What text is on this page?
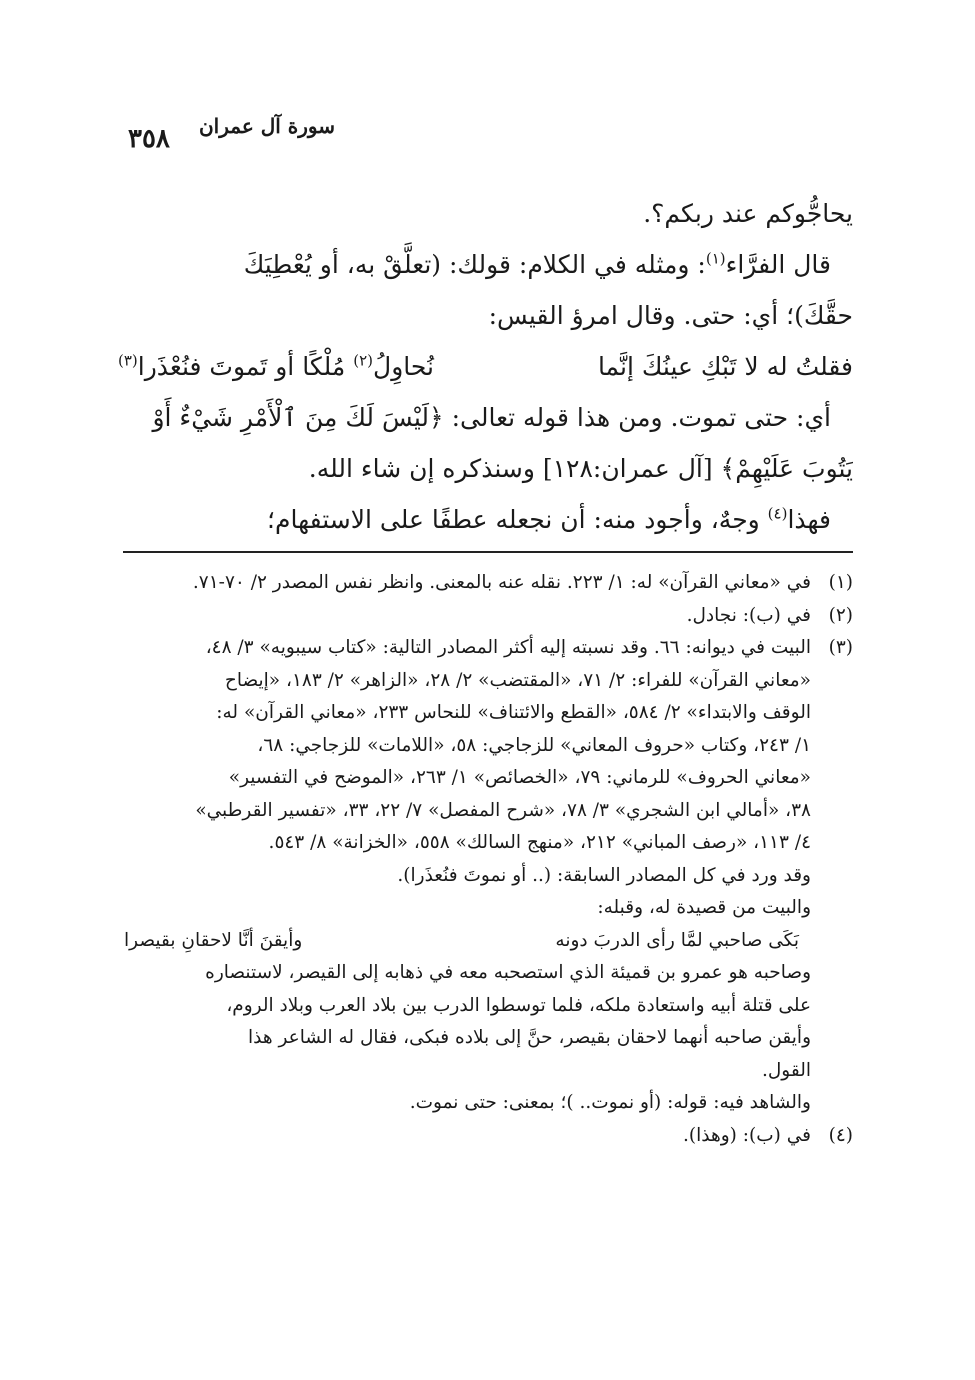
سورة آل عمران
٣٥٨

يحاجُّوكم عند ربكم؟.

قال الفرَّاء$^{(١)}$: ومثله في الكلام: قولك: (تعلَّقْ به، أو يُعْطِيَكَ

حقَّكَ)؛ أي: حتى. وقال امرؤ القيس:

فقلتُ له لا تَبْكِ عينُكَ إنَّما
نُحاوِلُ$^{(٢)}$ مُلْكًا أو تَموتَ فنُعْذَرا$^{(٣)}$

أي: حتى تموت. ومن هذا قوله تعالى: ﴿لَيْسَ لَكَ مِنَ ٱلْأَمْرِ شَيْءٌ أَوْ

يَتُوبَ عَلَيْهِمْ﴾ [آل عمران:١٢٨] وسنذكره إن شاء الله.

فهذا$^{(٤)}$ وجهٌ، وأجود منه: أن نجعله عطفًا على الاستفهام؛

(١)
في «معاني القرآن» له: ١/ ٢٢٣. نقله عنه بالمعنى. وانظر نفس المصدر ٢/ ٧٠-٧١.
(٢)
في (ب): نجادل.
(٣)
البيت في ديوانه: ٦٦. وقد نسبته إليه أكثر المصادر التالية: «كتاب سيبويه» ٣/ ٤٨،
«معاني القرآن» للفراء: ٢/ ٧١، «المقتضب» ٢/ ٢٨، «الزاهر» ٢/ ١٨٣، «إيضاح
الوقف والابتداء» ٢/ ٥٨٤، «القطع والائتناف» للنحاس ٢٣٣، «معاني القرآن» له:
١/ ٢٤٣، وكتاب «حروف المعاني» للزجاجي: ٥٨، «اللامات» للزجاجي: ٦٨،
«معاني الحروف» للرماني: ٧٩، «الخصائص» ١/ ٢٦٣، «الموضح في التفسير»
٣٨، «أمالي ابن الشجري» ٣/ ٧٨، «شرح المفصل» ٧/ ٢٢، ٣٣، «تفسير القرطبي»
٤/ ١١٣، «رصف المباني» ٢١٢، «منهج السالك» ٥٥٨، «الخزانة» ٨/ ٥٤٣.
وقد ورد في كل المصادر السابقة: (.. أو نموتَ فنُعذَرا).
والبيت من قصيدة له، وقبله:
بَكَى صاحبي لمَّا رأى الدربَ دونه
وأيقنَ أنَّا لاحقانِ بقيصرا
وصاحبه هو عمرو بن قميئة الذي استصحبه معه في ذهابه إلى القيصر، لاستنصاره
على قتلة أبيه واستعادة ملكه، فلما توسطوا الدرب بين بلاد العرب وبلاد الروم،
وأيقن صاحبه أنهما لاحقان بقيصر، حنَّ إلى بلاده فبكى، فقال له الشاعر هذا
القول.
والشاهد فيه: قوله: (أو نموت.. )؛ بمعنى: حتى نموت.
(٤)
في (ب): (وهذا).
